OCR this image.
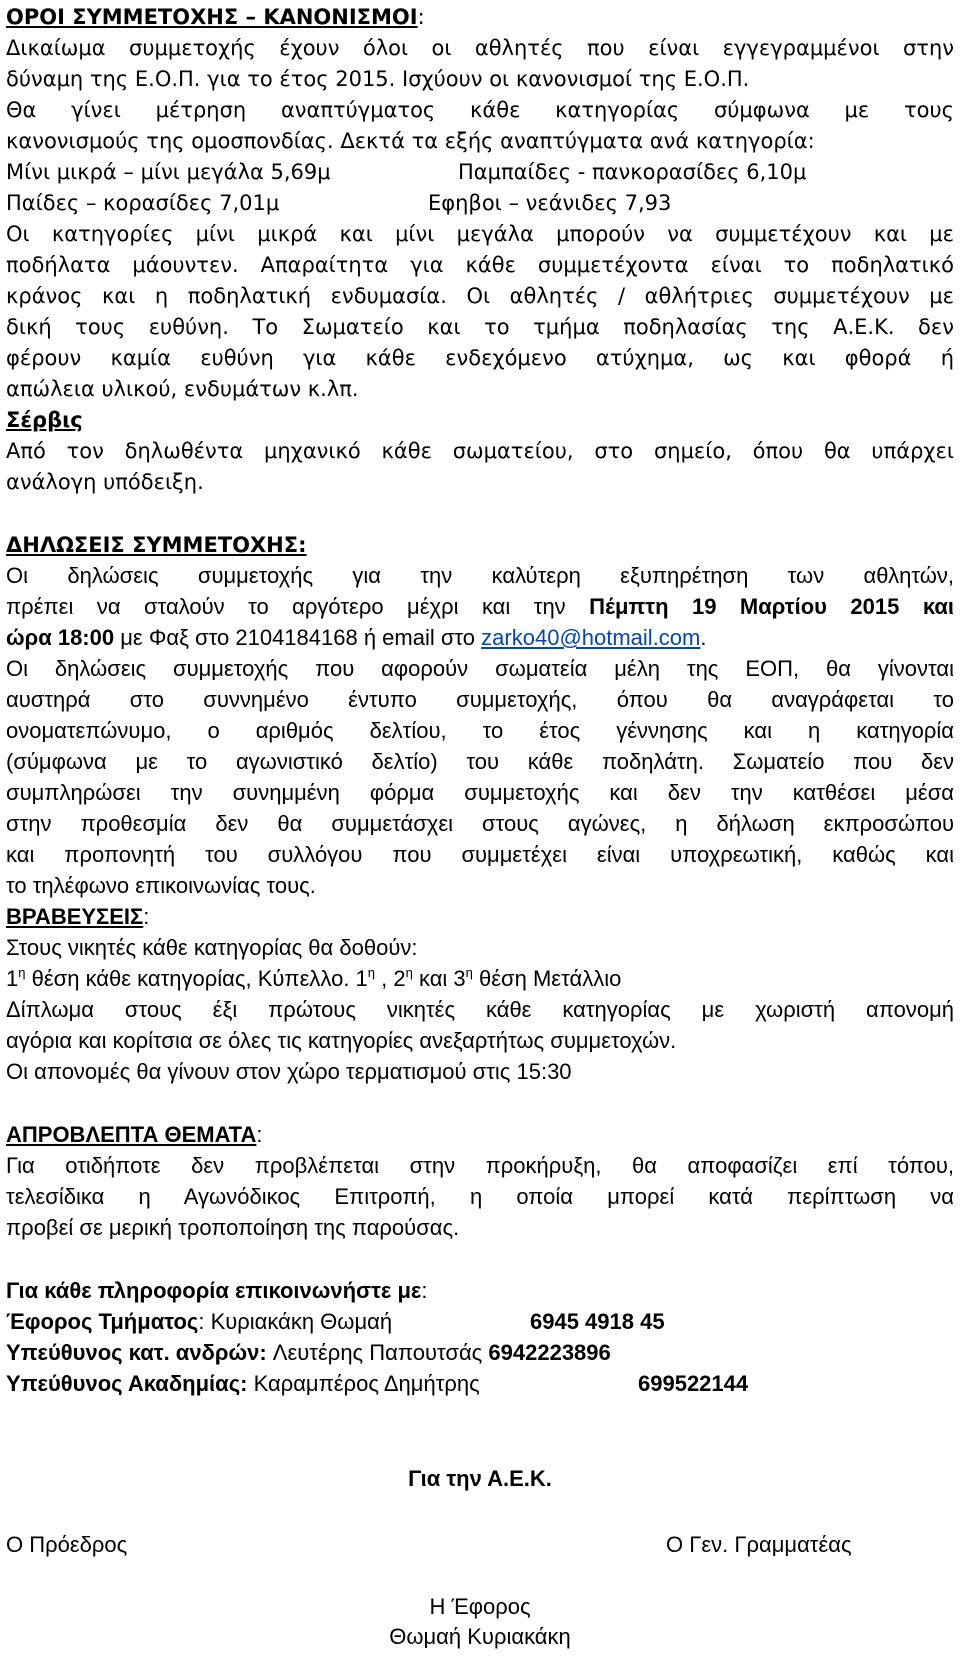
ΟΡΟΙ ΣΥΜΜΕΤΟΧΗΣ – ΚΑΝΟΝΙΣΜΟΙ:
Δικαίωμα συμμετοχής έχουν όλοι οι αθλητές που είναι εγγεγραμμένοι στην
δύναμη της Ε.Ο.Π. για το έτος 2015. Ισχύουν οι κανονισμοί της Ε.Ο.Π.
Θα γίνει μέτρηση αναπτύγματος κάθε κατηγορίας σύμφωνα με τους
κανονισμούς της ομοσπονδίας. Δεκτά τα εξής αναπτύγματα ανά κατηγορία:
Μίνι μικρά – μίνι μεγάλα 5,69μ	Παμπαίδες - πανκορασίδες 6,10μ
Παίδες – κορασίδες 7,01μ	Εφηβοι – νεάνιδες 7,93
Οι κατηγορίες μίνι μικρά και μίνι μεγάλα μπορούν να συμμετέχουν και με
ποδήλατα μάουντεν. Απαραίτητα για κάθε συμμετέχοντα είναι το ποδηλατικό
κράνος και η ποδηλατική ενδυμασία. Οι αθλητές / αθλήτριες συμμετέχουν με
δική τους ευθύνη. Το Σωματείο και το τμήμα ποδηλασίας της Α.Ε.Κ. δεν
φέρουν καμία ευθύνη για κάθε ενδεχόμενο ατύχημα, ως και φθορά ή
απώλεια υλικού, ενδυμάτων κ.λπ.
Σέρβις
Από τον δηλωθέντα μηχανικό κάθε σωματείου, στο σημείο, όπου θα υπάρχει
ανάλογη υπόδειξη.
ΔΗΛΩΣΕΙΣ ΣΥΜΜΕΤΟΧΗΣ:
Οι δηλώσεις συμμετοχής για την καλύτερη εξυπηρέτηση των αθλητών,
πρέπει να σταλούν το αργότερο μέχρι και την Πέμπτη 19 Μαρτίου 2015 και
ώρα 18:00 με Φαξ στο 2104184168 ή email στο zarko40@hotmail.com.
Οι δηλώσεις συμμετοχής που αφορούν σωματεία μέλη της ΕΟΠ, θα γίνονται
αυστηρά στο συννημένο έντυπο συμμετοχής, όπου θα αναγράφεται το
ονοματεπώνυμο, ο αριθμός δελτίου, το έτος γέννησης και η κατηγορία
(σύμφωνα με το αγωνιστικό δελτίο) του κάθε ποδηλάτη. Σωματείο που δεν
συμπληρώσει την συνημμένη φόρμα συμμετοχής και δεν την κατθέσει μέσα
στην προθεσμία δεν θα συμμετάσχει στους αγώνες, η δήλωση εκπροσώπου
και προπονητή του συλλόγου που συμμετέχει είναι υποχρεωτική, καθώς και
το τηλέφωνο επικοινωνίας τους.
ΒΡΑΒΕΥΣΕΙΣ:
Στους νικητές κάθε κατηγορίας θα δοθούν:
$1^\eta$ θέση κάθε κατηγορίας, Κύπελλο. $1^\eta$ , $2^\eta$ και $3^\eta$ θέση Μετάλλιο
Δίπλωμα στους έξι πρώτους νικητές κάθε κατηγορίας με χωριστή απονομή
αγόρια και κορίτσια σε όλες τις κατηγορίες ανεξαρτήτως συμμετοχών.
Οι απονομές θα γίνουν στον χώρο τερματισμού στις 15:30
ΑΠΡΟΒΛΕΠΤΑ ΘΕΜΑΤΑ:
Για οτιδήποτε δεν προβλέπεται στην προκήρυξη, θα αποφασίζει επί τόπου,
τελεσίδικα η Αγωνόδικος Επιτροπή, η οποία μπορεί κατά περίπτωση να
προβεί σε μερική τροποποίηση της παρούσας.
Για κάθε πληροφορία επικοινωνήστε με:
Έφορος Τμήματος: Κυριακάκη Θωμαή	6945 4918 45
Υπεύθυνος κατ. ανδρών: Λευτέρης Παπουτσάς 6942223896
Υπεύθυνος Ακαδημίας: Καραμπέρος Δημήτρης	699522144
Για την Α.Ε.Κ.
Ο Πρόεδρος	Ο Γεν. Γραμματέας
Η Έφορος
Θωμαή Κυριακάκη
